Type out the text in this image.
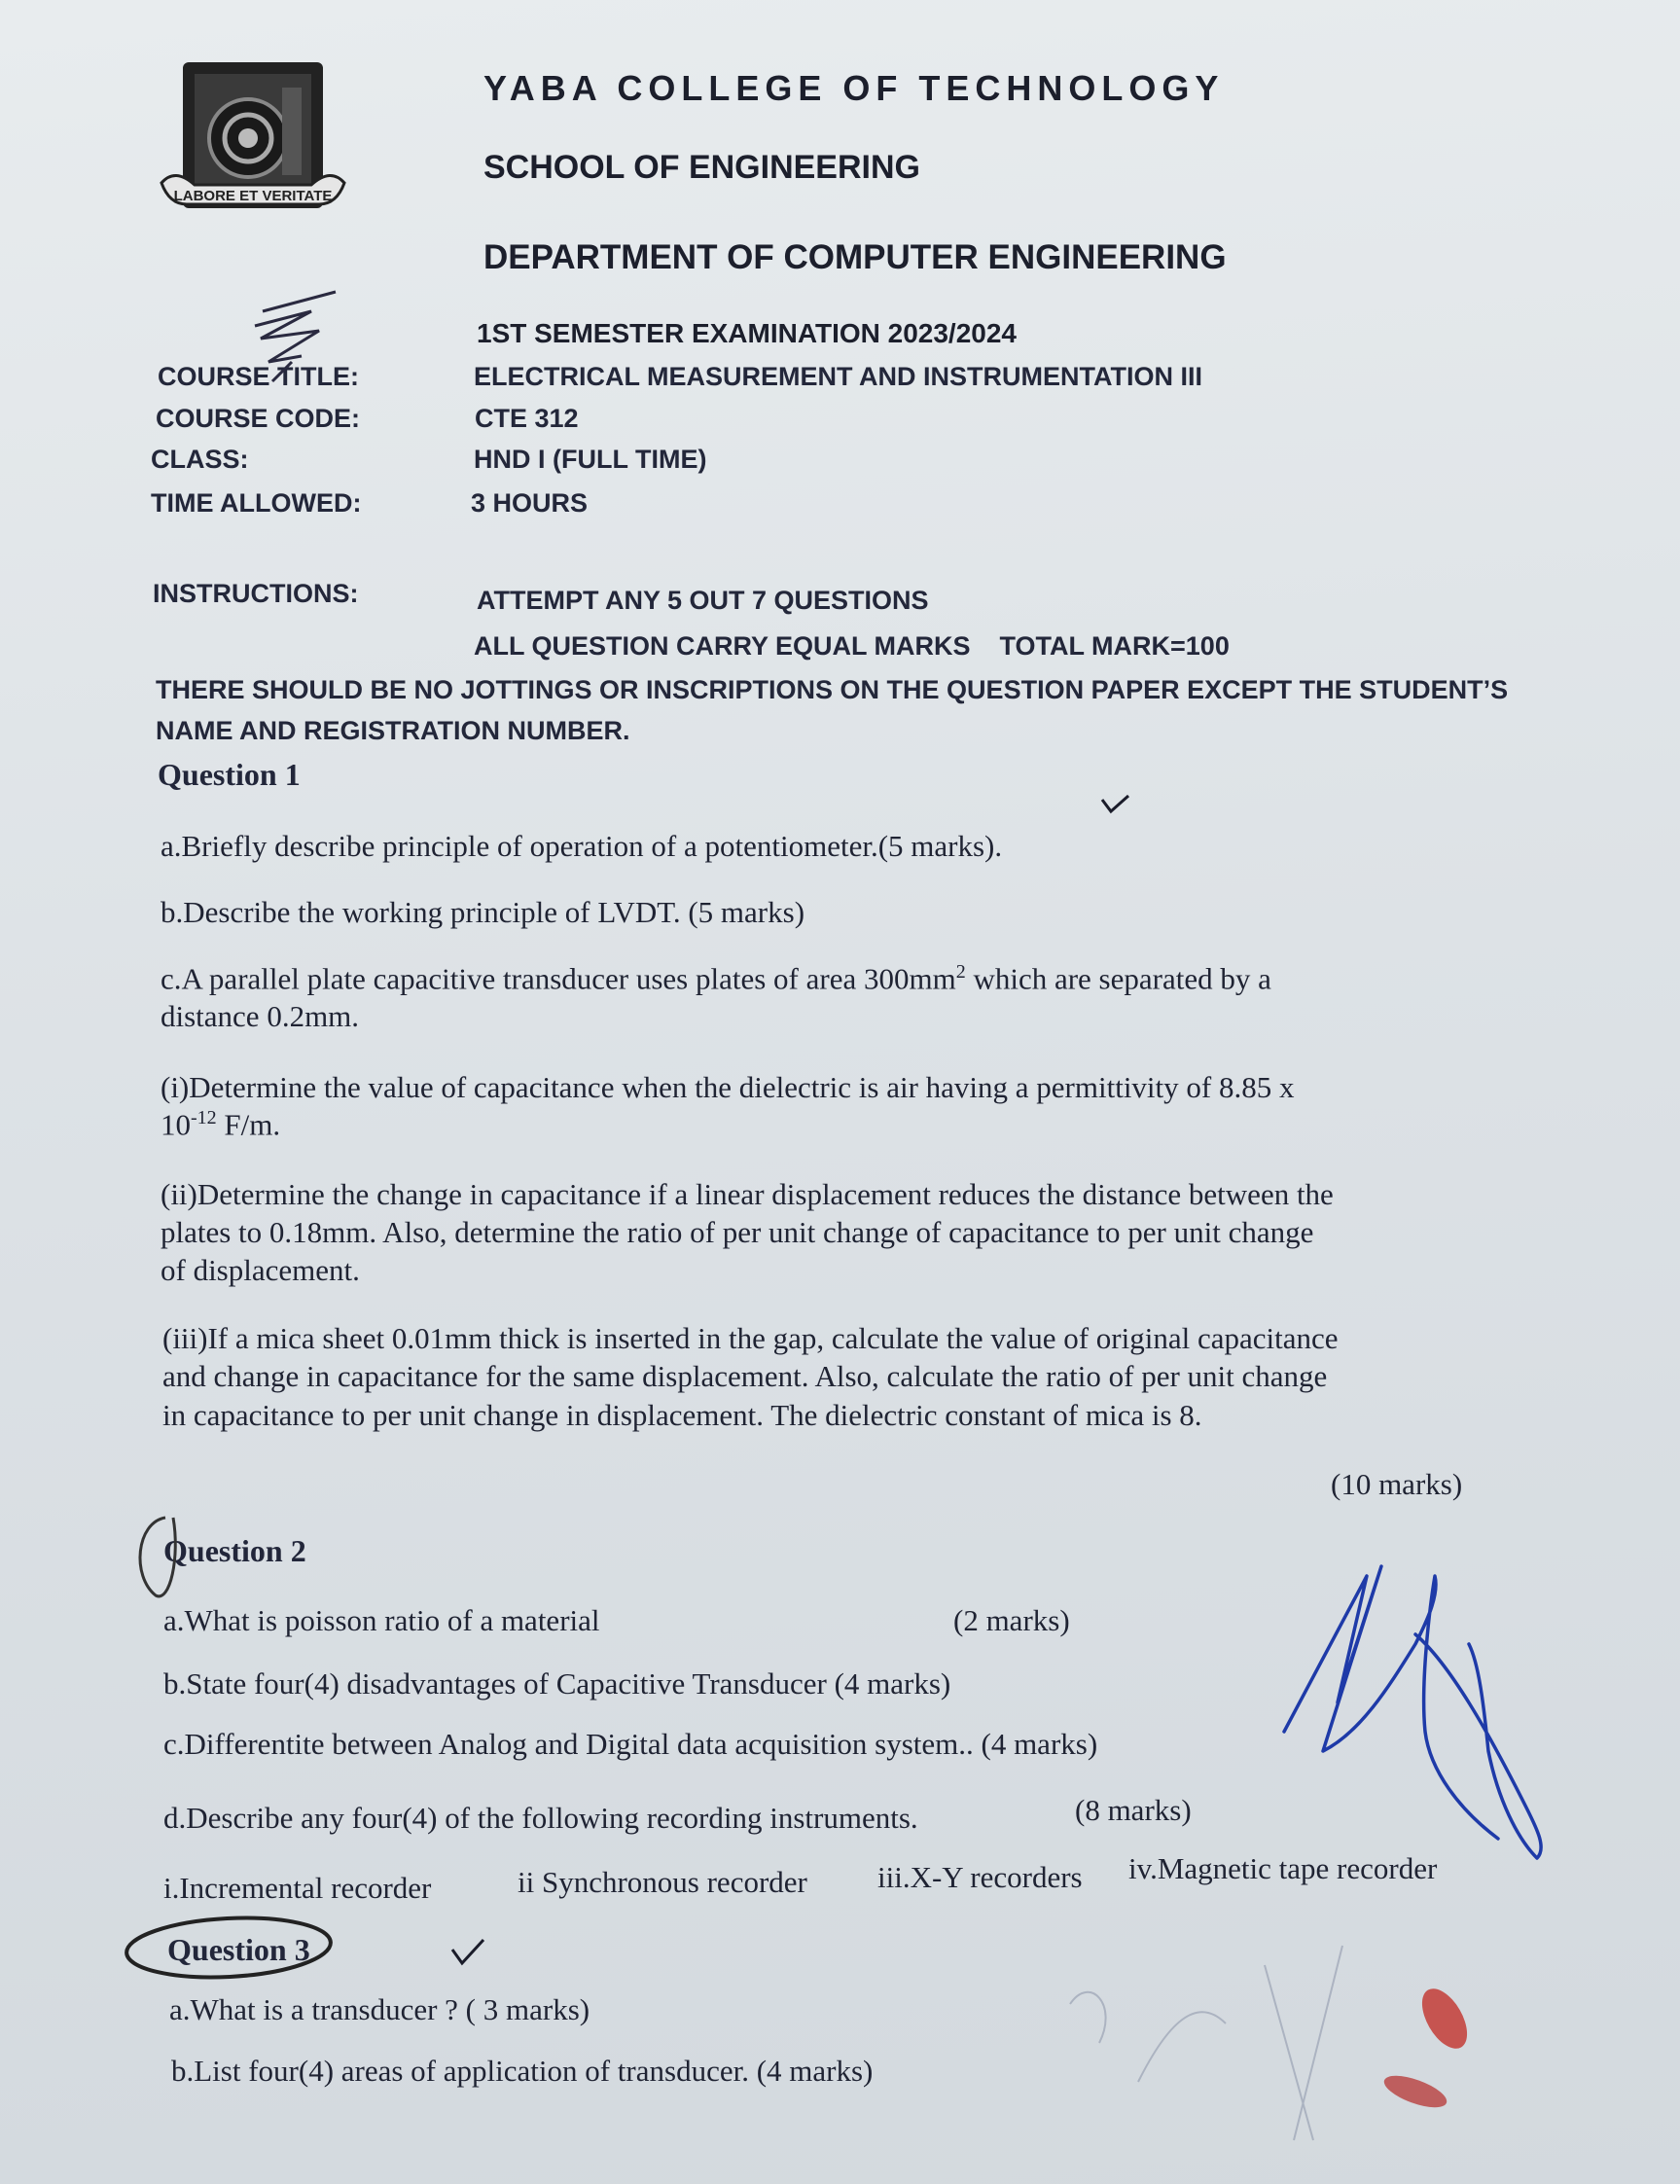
LABORE ET VERITATE
YABA COLLEGE OF TECHNOLOGY
SCHOOL OF ENGINEERING
DEPARTMENT OF COMPUTER ENGINEERING
1ST SEMESTER EXAMINATION 2023/2024
COURSE TITLE:	ELECTRICAL MEASUREMENT AND INSTRUMENTATION III
COURSE CODE:	CTE 312
CLASS:	HND I (FULL TIME)
TIME ALLOWED:	3 HOURS
INSTRUCTIONS:	ATTEMPT ANY 5 OUT 7 QUESTIONS
ALL QUESTION CARRY EQUAL MARKS    TOTAL MARK=100
THERE SHOULD BE NO JOTTINGS OR INSCRIPTIONS ON THE QUESTION PAPER EXCEPT THE STUDENT’S
NAME AND REGISTRATION NUMBER.
Question 1
a.Briefly describe principle of operation of a potentiometer.(5 marks).
b.Describe the working principle of LVDT. (5 marks)
c.A parallel plate capacitive transducer uses plates of area $300mm^2$ which are separated by a
distance 0.2mm.
(i)Determine the value of capacitance when the dielectric is air having a permittivity of 8.85 x
$10^{-12}$ F/m.
(ii)Determine the change in capacitance if a linear displacement reduces the distance between the
plates to 0.18mm. Also, determine the ratio of per unit change of capacitance to per unit change
of displacement.
(iii)If a mica sheet 0.01mm thick is inserted in the gap, calculate the value of original capacitance
and change in capacitance for the same displacement. Also, calculate the ratio of per unit change
in capacitance to per unit change in displacement. The dielectric constant of mica is 8.
(10 marks)
Question 2
a.What is poisson ratio of a material	(2 marks)
b.State four(4) disadvantages of Capacitive Transducer (4 marks)
c.Differentite between Analog and Digital data acquisition system.. (4 marks)
d.Describe any four(4) of the following recording instruments.	(8 marks)
i.Incremental recorder	ii Synchronous recorder iii.X-Y recorders iv.Magnetic tape recorder
Question 3
a.What is a transducer ? ( 3 marks)
b.List four(4) areas of application of transducer. (4 marks)
